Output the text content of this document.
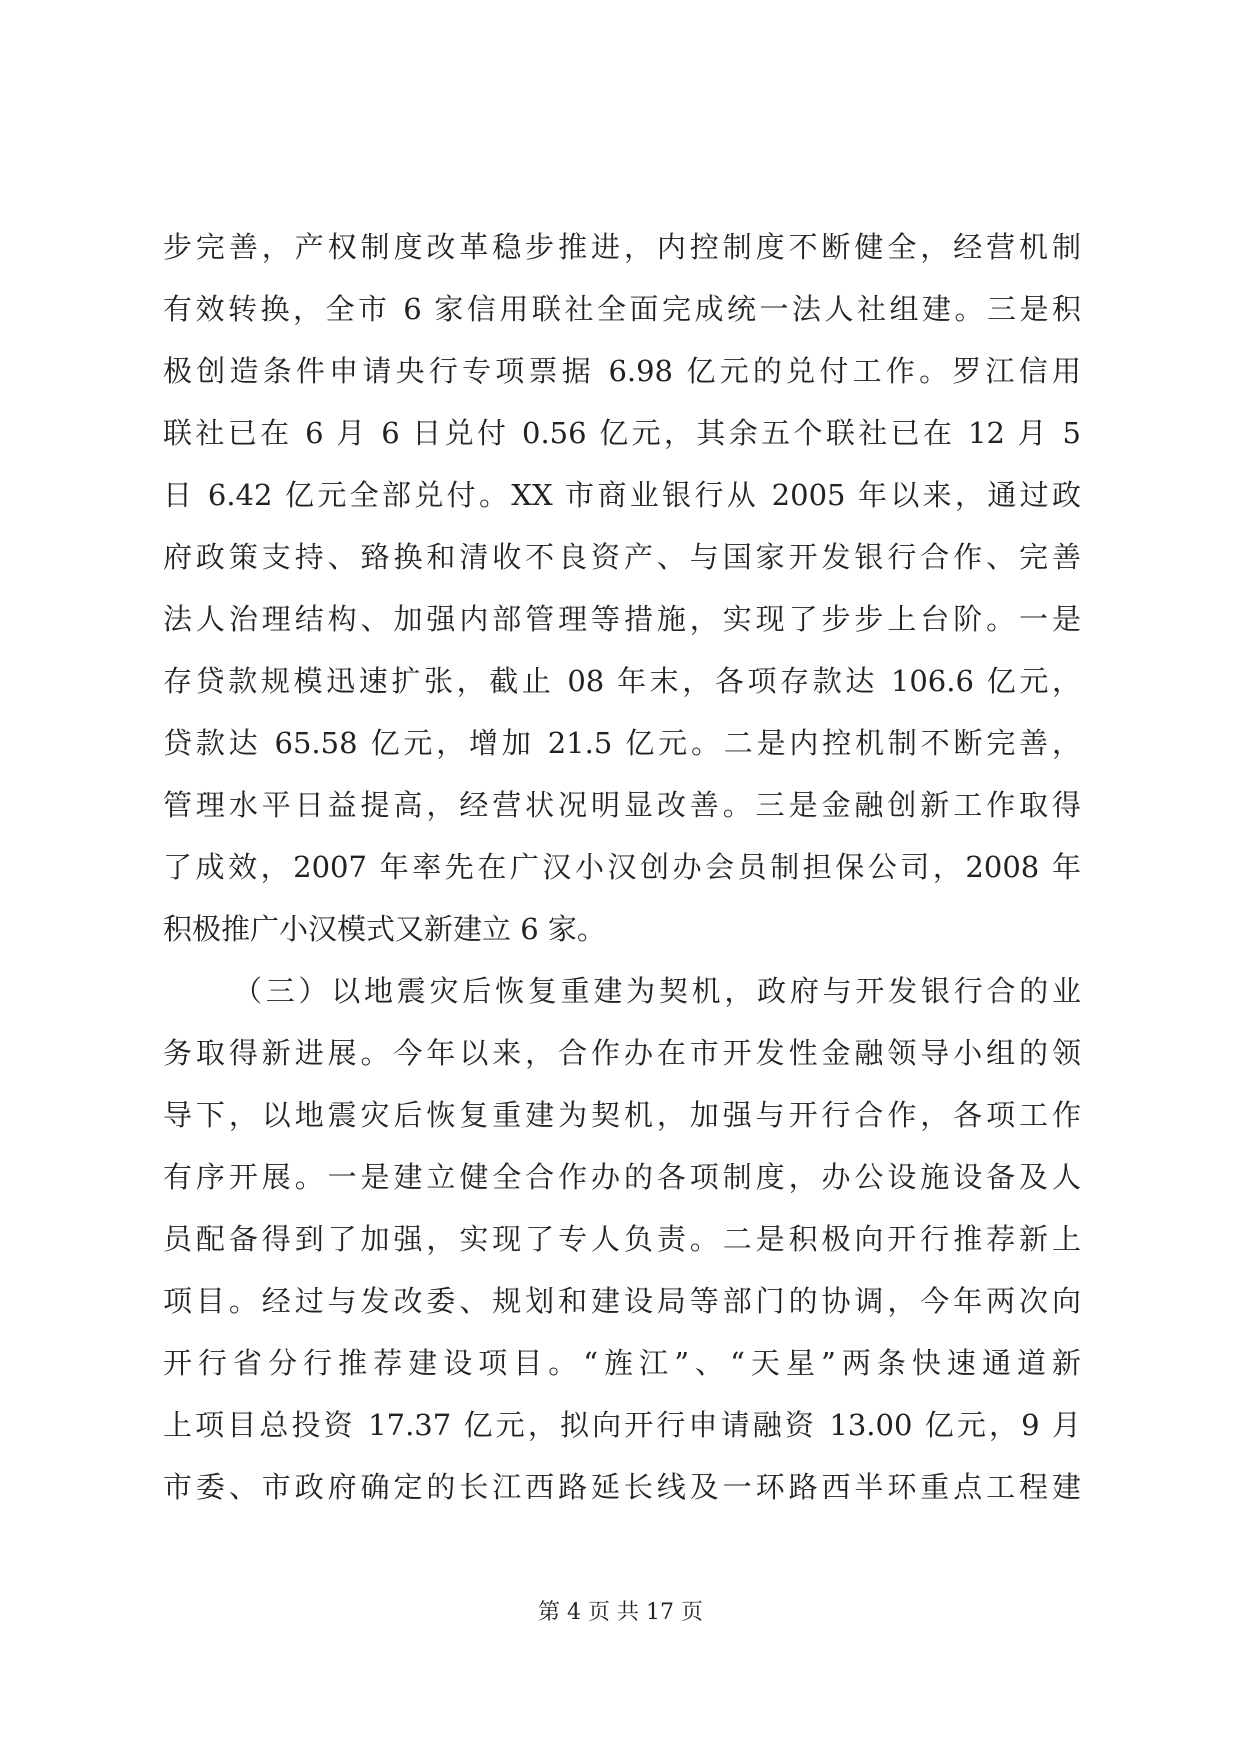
步完善，产权制度改革稳步推进，内控制度不断健全，经营机制
有效转换，全市 6 家信用联社全面完成统一法人社组建。三是积
极创造条件申请央行专项票据 6.98 亿元的兑付工作。罗江信用
联社已在 6 月 6 日兑付 0.56 亿元，其余五个联社已在 12 月 5
日 6.42 亿元全部兑付。XX 市商业银行从 2005 年以来，通过政
府政策支持、臵换和清收不良资产、与国家开发银行合作、完善
法人治理结构、加强内部管理等措施，实现了步步上台阶。一是
存贷款规模迅速扩张，截止 08 年末，各项存款达 106.6 亿元，
贷款达 65.58 亿元，增加 21.5 亿元。二是内控机制不断完善，
管理水平日益提高，经营状况明显改善。三是金融创新工作取得
了成效，2007 年率先在广汉小汉创办会员制担保公司，2008 年
积极推广小汉模式又新建立 6 家。
（三）以地震灾后恢复重建为契机，政府与开发银行合的业
务取得新进展。今年以来，合作办在市开发性金融领导小组的领
导下，以地震灾后恢复重建为契机，加强与开行合作，各项工作
有序开展。一是建立健全合作办的各项制度，办公设施设备及人
员配备得到了加强，实现了专人负责。二是积极向开行推荐新上
项目。经过与发改委、规划和建设局等部门的协调，今年两次向
开行省分行推荐建设项目。“旌江”、“天星”两条快速通道新
上项目总投资 17.37 亿元，拟向开行申请融资 13.00 亿元，9 月
市委、市政府确定的长江西路延长线及一环路西半环重点工程建
第 4 页 共 17 页
